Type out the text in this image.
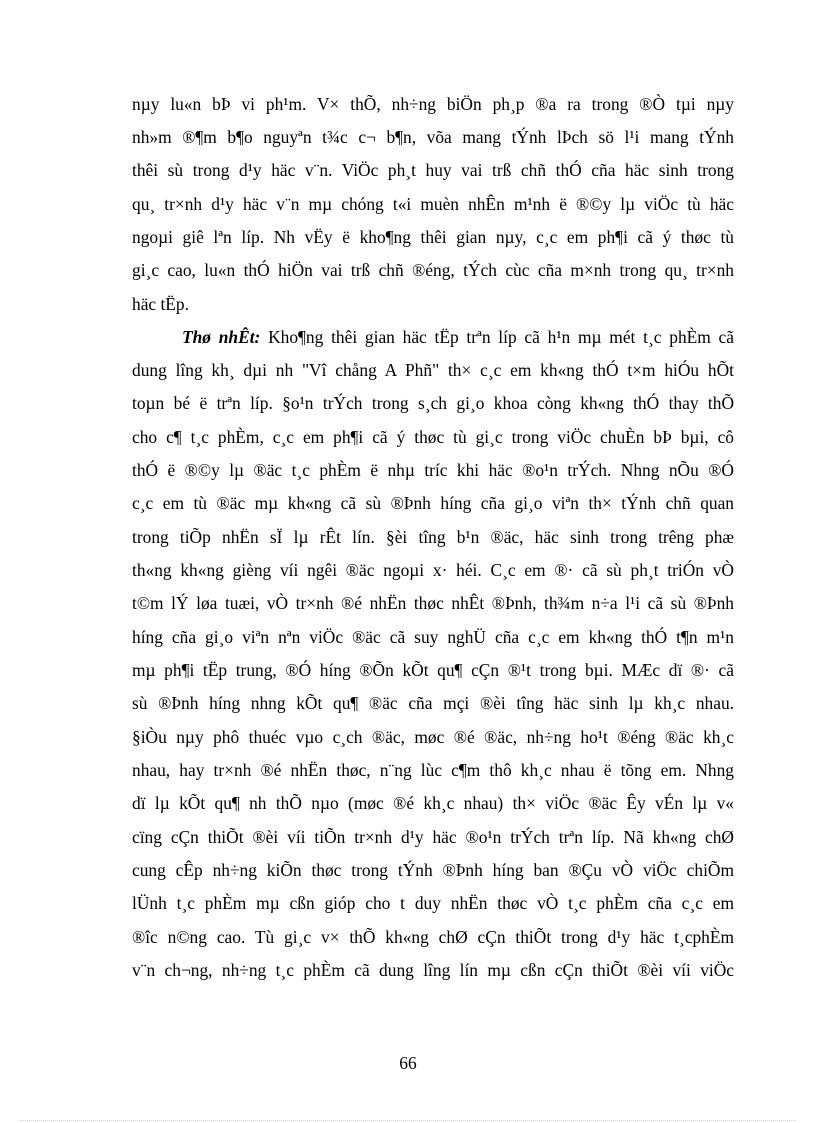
nµy lu«n bÞ vi ph¹m. V× thÕ, nh÷ng biÖn ph¸p ®a ra trong ®Ò tµi nµy
nh»m ®¶m b¶o nguyªn t¾c c¬ b¶n, võa mang tÝnh lÞch sö l¹i mang tÝnh
thêi sù trong d¹y häc v¨n. ViÖc ph¸t huy vai trß chñ thÓ cña häc sinh trong
qu¸ tr×nh d¹y häc v¨n mµ chóng t«i muèn nhÊn m¹nh ë ®©y lµ viÖc tù häc
ngoµi giê lªn líp. Nh vËy ë kho¶ng thêi gian nµy, c¸c em ph¶i cã ý thøc tù
gi¸c cao, lu«n thÓ hiÖn vai trß chñ ®éng, tÝch cùc cña m×nh trong qu¸ tr×nh
häc tËp.
Thø nhÊt: Kho¶ng thêi gian häc tËp trªn líp cã h¹n mµ mét t¸c phÈm cã
dung lîng kh¸ dµi nh "Vî chång A Phñ" th× c¸c em kh«ng thÓ t×m hiÓu hÕt
toµn bé ë trªn líp. §o¹n trÝch trong s¸ch gi¸o khoa còng kh«ng thÓ thay thÕ
cho c¶ t¸c phÈm, c¸c em ph¶i cã ý thøc tù gi¸c trong viÖc chuÈn bÞ bµi, cô
thÓ ë ®©y lµ ®äc t¸c phÈm ë nhµ tríc khi häc ®o¹n trÝch. Nhng nÕu ®Ó
c¸c em tù ®äc mµ kh«ng cã sù ®Þnh híng cña gi¸o viªn th× tÝnh chñ quan
trong tiÕp nhËn sÏ lµ rÊt lín. §èi tîng b¹n ®äc, häc sinh trong trêng phæ
th«ng kh«ng gièng víi ngêi ®äc ngoµi x· héi. C¸c em ®· cã sù ph¸t triÓn vÒ
t©m lÝ løa tuæi, vÒ tr×nh ®é nhËn thøc nhÊt ®Þnh, th¾m n÷a l¹i cã sù ®Þnh
híng cña gi¸o viªn nªn viÖc ®äc cã suy nghÜ cña c¸c em kh«ng thÓ t¶n m¹n
mµ ph¶i tËp trung, ®Ó híng ®Õn kÕt qu¶ cÇn ®¹t trong bµi. MÆc dï ®· cã
sù ®Þnh híng nhng kÕt qu¶ ®äc cña mçi ®èi tîng häc sinh lµ kh¸c nhau.
§iÒu nµy phô thuéc vµo c¸ch ®äc, møc ®é ®äc, nh÷ng ho¹t ®éng ®äc kh¸c
nhau, hay tr×nh ®é nhËn thøc, n¨ng lùc c¶m thô kh¸c nhau ë tõng em. Nhng
dï lµ kÕt qu¶ nh thÕ nµo (møc ®é kh¸c nhau) th× viÖc ®äc Êy vÉn lµ v«
cïng cÇn thiÕt ®èi víi tiÕn tr×nh d¹y häc ®o¹n trÝch trªn líp. Nã kh«ng chØ
cung cÊp nh÷ng kiÕn thøc trong tÝnh ®Þnh híng ban ®Çu vÒ viÖc chiÕm
lÜnh t¸c phÈm mµ cßn gióp cho t duy nhËn thøc vÒ t¸c phÈm cña c¸c em
®îc n©ng cao. Tù gi¸c v× thÕ kh«ng chØ cÇn thiÕt trong d¹y häc t¸cphÈm
v¨n ch¬ng, nh÷ng t¸c phÈm cã dung lîng lín mµ cßn cÇn thiÕt ®èi víi viÖc
66
